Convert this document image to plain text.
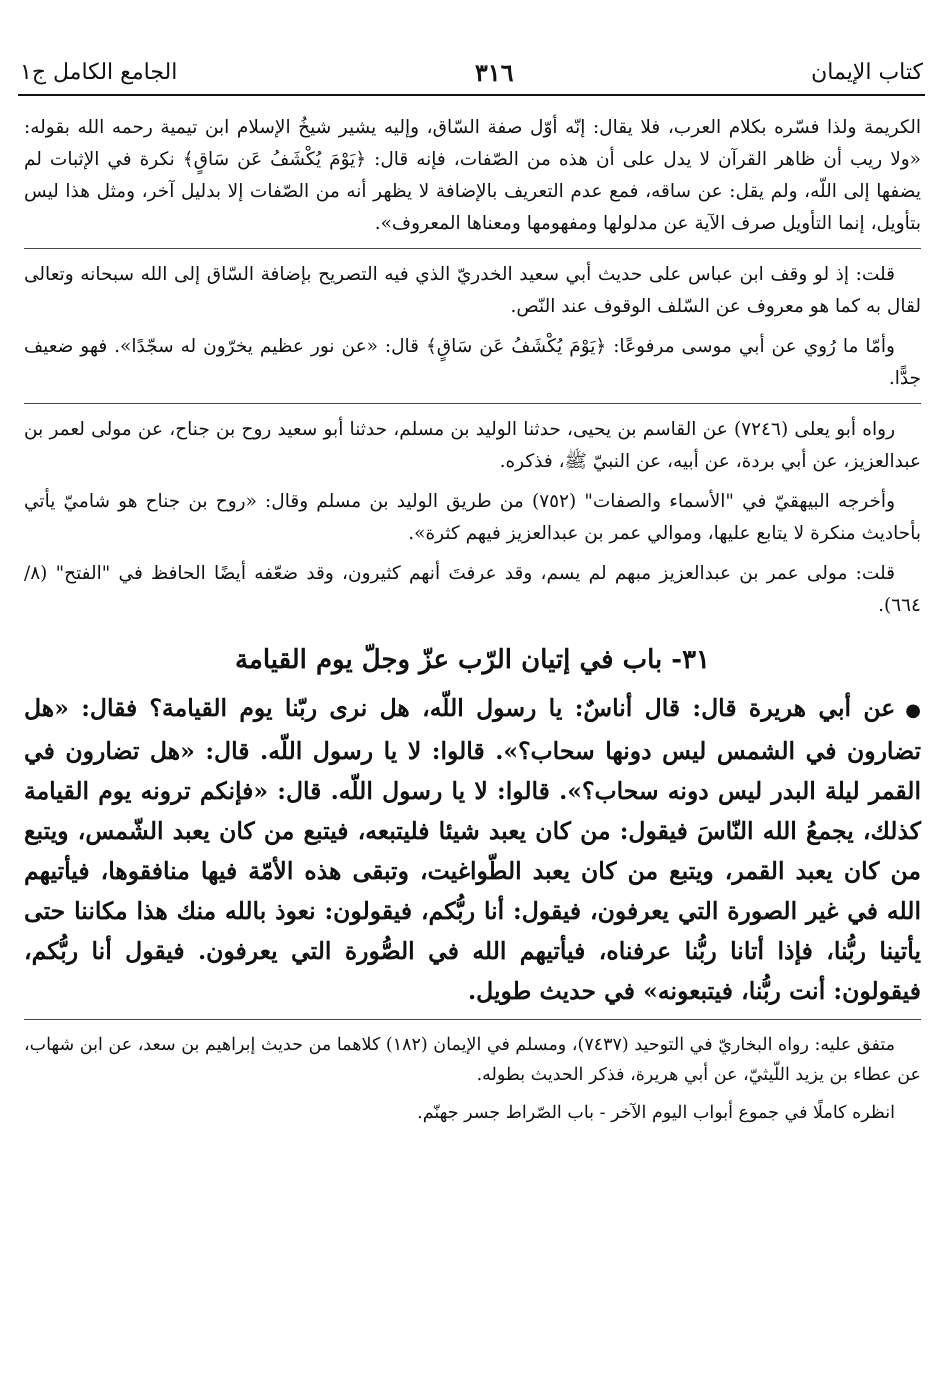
كتاب الإيمان
٣١٦
الجامع الكامل ج١

الكريمة ولذا فسّره بكلام العرب، فلا يقال: إنّه أوّل صفة السّاق، وإليه يشير شيخُ الإسلام ابن تيمية رحمه الله بقوله: «ولا ريب أن ظاهر القرآن لا يدل على أن هذه من الصّفات، فإنه قال: ﴿يَوْمَ يُكْشَفُ عَن سَاقٍ﴾ نكرة في الإثبات لم يضفها إلى اللّه، ولم يقل: عن ساقه، فمع عدم التعريف بالإضافة لا يظهر أنه من الصّفات إلا بدليل آخر، ومثل هذا ليس بتأويل، إنما التأويل صرف الآية عن مدلولها ومفهومها ومعناها المعروف».

قلت: إذ لو وقف ابن عباس على حديث أبي سعيد الخدريّ الذي فيه التصريح بإضافة السّاق إلى الله سبحانه وتعالى لقال به كما هو معروف عن السّلف الوقوف عند النّص.

وأمّا ما رُوي عن أبي موسى مرفوعًا: ﴿يَوْمَ يُكْشَفُ عَن سَاقٍ﴾ قال: «عن نور عظيم يخرّون له سجّدًا». فهو ضعيف جدًّا.

رواه أبو يعلى (٧٢٤٦) عن القاسم بن يحيى، حدثنا الوليد بن مسلم، حدثنا أبو سعيد روح بن جناح، عن مولى لعمر بن عبدالعزيز، عن أبي بردة، عن أبيه، عن النبيّ ﷺ، فذكره.

وأخرجه البيهقيّ في "الأسماء والصفات" (٧٥٢) من طريق الوليد بن مسلم وقال: «روح بن جناح هو شاميّ يأتي بأحاديث منكرة لا يتابع عليها، وموالي عمر بن عبدالعزيز فيهم كثرة».

قلت: مولى عمر بن عبدالعزيز مبهم لم يسم، وقد عرفتَ أنهم كثيرون، وقد ضعّفه أيضًا الحافظ في "الفتح" (٨/ ٦٦٤).

٣١- باب في إتيان الرّب عزّ وجلّ يوم القيامة

●عن أبي هريرة قال: قال أناسٌ: يا رسول اللّه، هل نرى ربّنا يوم القيامة؟ فقال: «هل تضارون في الشمس ليس دونها سحاب؟». قالوا: لا يا رسول اللّه. قال: «هل تضارون في القمر ليلة البدر ليس دونه سحاب؟». قالوا: لا يا رسول اللّه. قال: «فإنكم ترونه يوم القيامة كذلك، يجمعُ الله النّاسَ فيقول: من كان يعبد شيئا فليتبعه، فيتبع من كان يعبد الشّمس، ويتبع من كان يعبد القمر، ويتبع من كان يعبد الطّواغيت، وتبقى هذه الأمّة فيها منافقوها، فيأتيهم الله في غير الصورة التي يعرفون، فيقول: أنا ربُّكم، فيقولون: نعوذ بالله منك هذا مكاننا حتى يأتينا ربُّنا، فإذا أتانا ربُّنا عرفناه، فيأتيهم الله في الصُّورة التي يعرفون. فيقول أنا ربُّكم، فيقولون: أنت ربُّنا، فيتبعونه» في حديث طويل.

متفق عليه: رواه البخاريّ في التوحيد (٧٤٣٧)، ومسلم في الإيمان (١٨٢) كلاهما من حديث إبراهيم بن سعد، عن ابن شهاب، عن عطاء بن يزيد اللّيثيّ، عن أبي هريرة، فذكر الحديث بطوله.

انظره كاملًا في جموع أبواب اليوم الآخر - باب الصّراط جسر جهنّم.
